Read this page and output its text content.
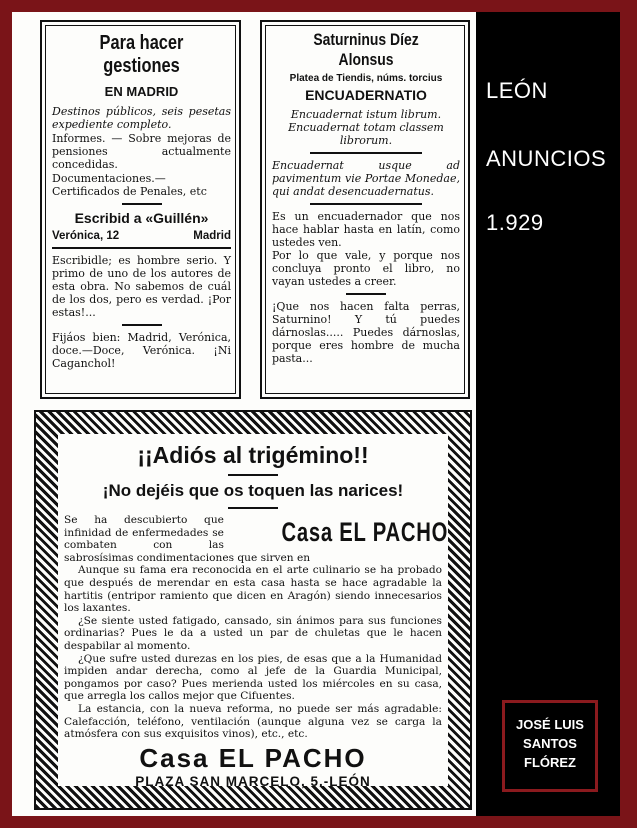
Para hacer gestiones
EN MADRID
Destinos públicos, seis pesetas expediente completo.
Informes. — Sobre mejoras de pensiones actualmente concedidas.
Documentaciones.—Certificados de Penales, etc
Escribid a «Guillén»
Verónica, 12	Madrid
Escribidle; es hombre serio. Y primo de uno de los autores de esta obra. No sabemos de cuál de los dos, pero es verdad. ¡Por estas!...
Fijáos bien: Madrid, Verónica, doce.—Doce, Verónica. ¡Ni Caganchol!
Saturninus Díez Alonsus
Platea de Tiendis, núms. torcius
ENCUADERNATIO
Encuadernat istum librum. Encuadernat totam classem librorum.
Encuadernat usque ad pavimentum vie Portae Monedae, qui andat desencuadernatus.
Es un encuadernador que nos hace hablar hasta en latín, como ustedes ven.
Por lo que vale, y porque nos concluya pronto el libro, no vayan ustedes a creer.
¡Que nos hacen falta perras, Saturnino! Y tú puedes dárnoslas..... Puedes dárnoslas, porque eres hombre de mucha pasta...
¡¡Adiós al trigémino!!
¡No dejéis que os toquen las narices!
Casa EL PACHO
Se ha descubierto que infinidad de enfermedades se combaten con las sabrosísimas condimentaciones que sirven en
Aunque su fama era reconocida en el arte culinario se ha probado que después de merendar en esta casa hasta se hace agradable la hartitis (entripor ramiento que dicen en Aragón) siendo innecesarios los laxantes.
¿Se siente usted fatigado, cansado, sin ánimos para sus funciones ordinarias? Pues le da a usted un par de chuletas que le hacen despabilar al momento.
¿Que sufre usted durezas en los pies, de esas que a la Humanidad impiden andar derecha, como al jefe de la Guardia Municipal, pongamos por caso? Pues merienda usted los miércoles en su casa, que arregla los callos mejor que Cifuentes.
La estancia, con la nueva reforma, no puede ser más agradable: Calefacción, teléfono, ventilación (aunque alguna vez se carga la atmósfera con sus exquisitos vinos), etc., etc.
Casa EL PACHO
PLAZA SAN MARCELO, 5.-LEÓN
LEÓN
ANUNCIOS
1.929
JOSÉ LUIS
SANTOS
FLÓREZ
